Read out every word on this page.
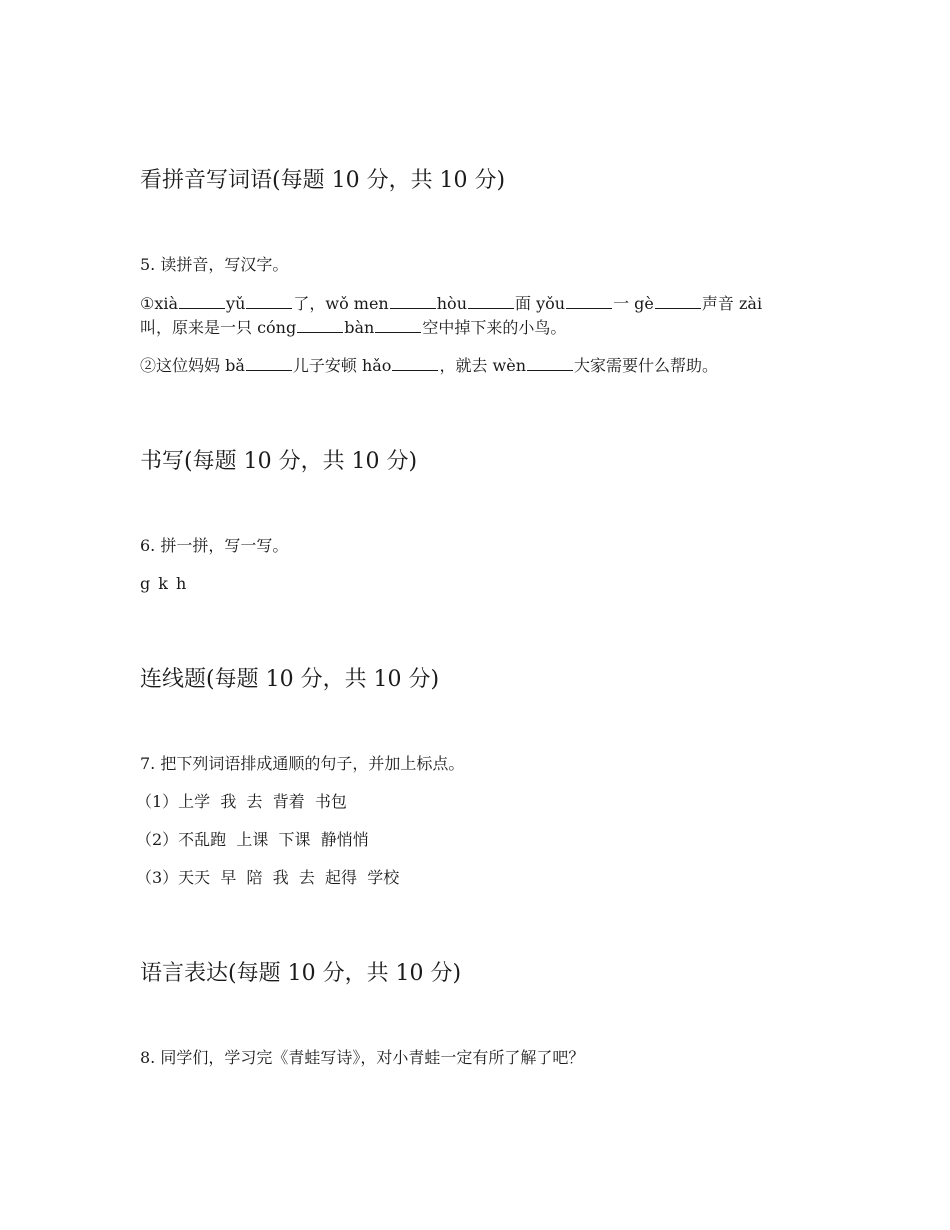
看拼音写词语(每题 10 分，共 10 分)

5. 读拼音，写汉字。

①xià	yǔ	了，wǒ men	hòu	面 yǒu	一 gè	声音 zài

叫，原来是一只 cóng	bàn	空中掉下来的小鸟。

②这位妈妈 bǎ	儿子安顿 hǎo	，就去 wèn	大家需要什么帮助。

书写(每题 10 分，共 10 分)

6. 拼一拼，写一写。

g k h

连线题(每题 10 分，共 10 分)

7. 把下列词语排成通顺的句子，并加上标点。

（1）上学  我  去  背着  书包

（2）不乱跑  上课  下课  静悄悄

（3）天天  早  陪  我  去  起得  学校

语言表达(每题 10 分，共 10 分)

8. 同学们，学习完《青蛙写诗》，对小青蛙一定有所了解了吧？
